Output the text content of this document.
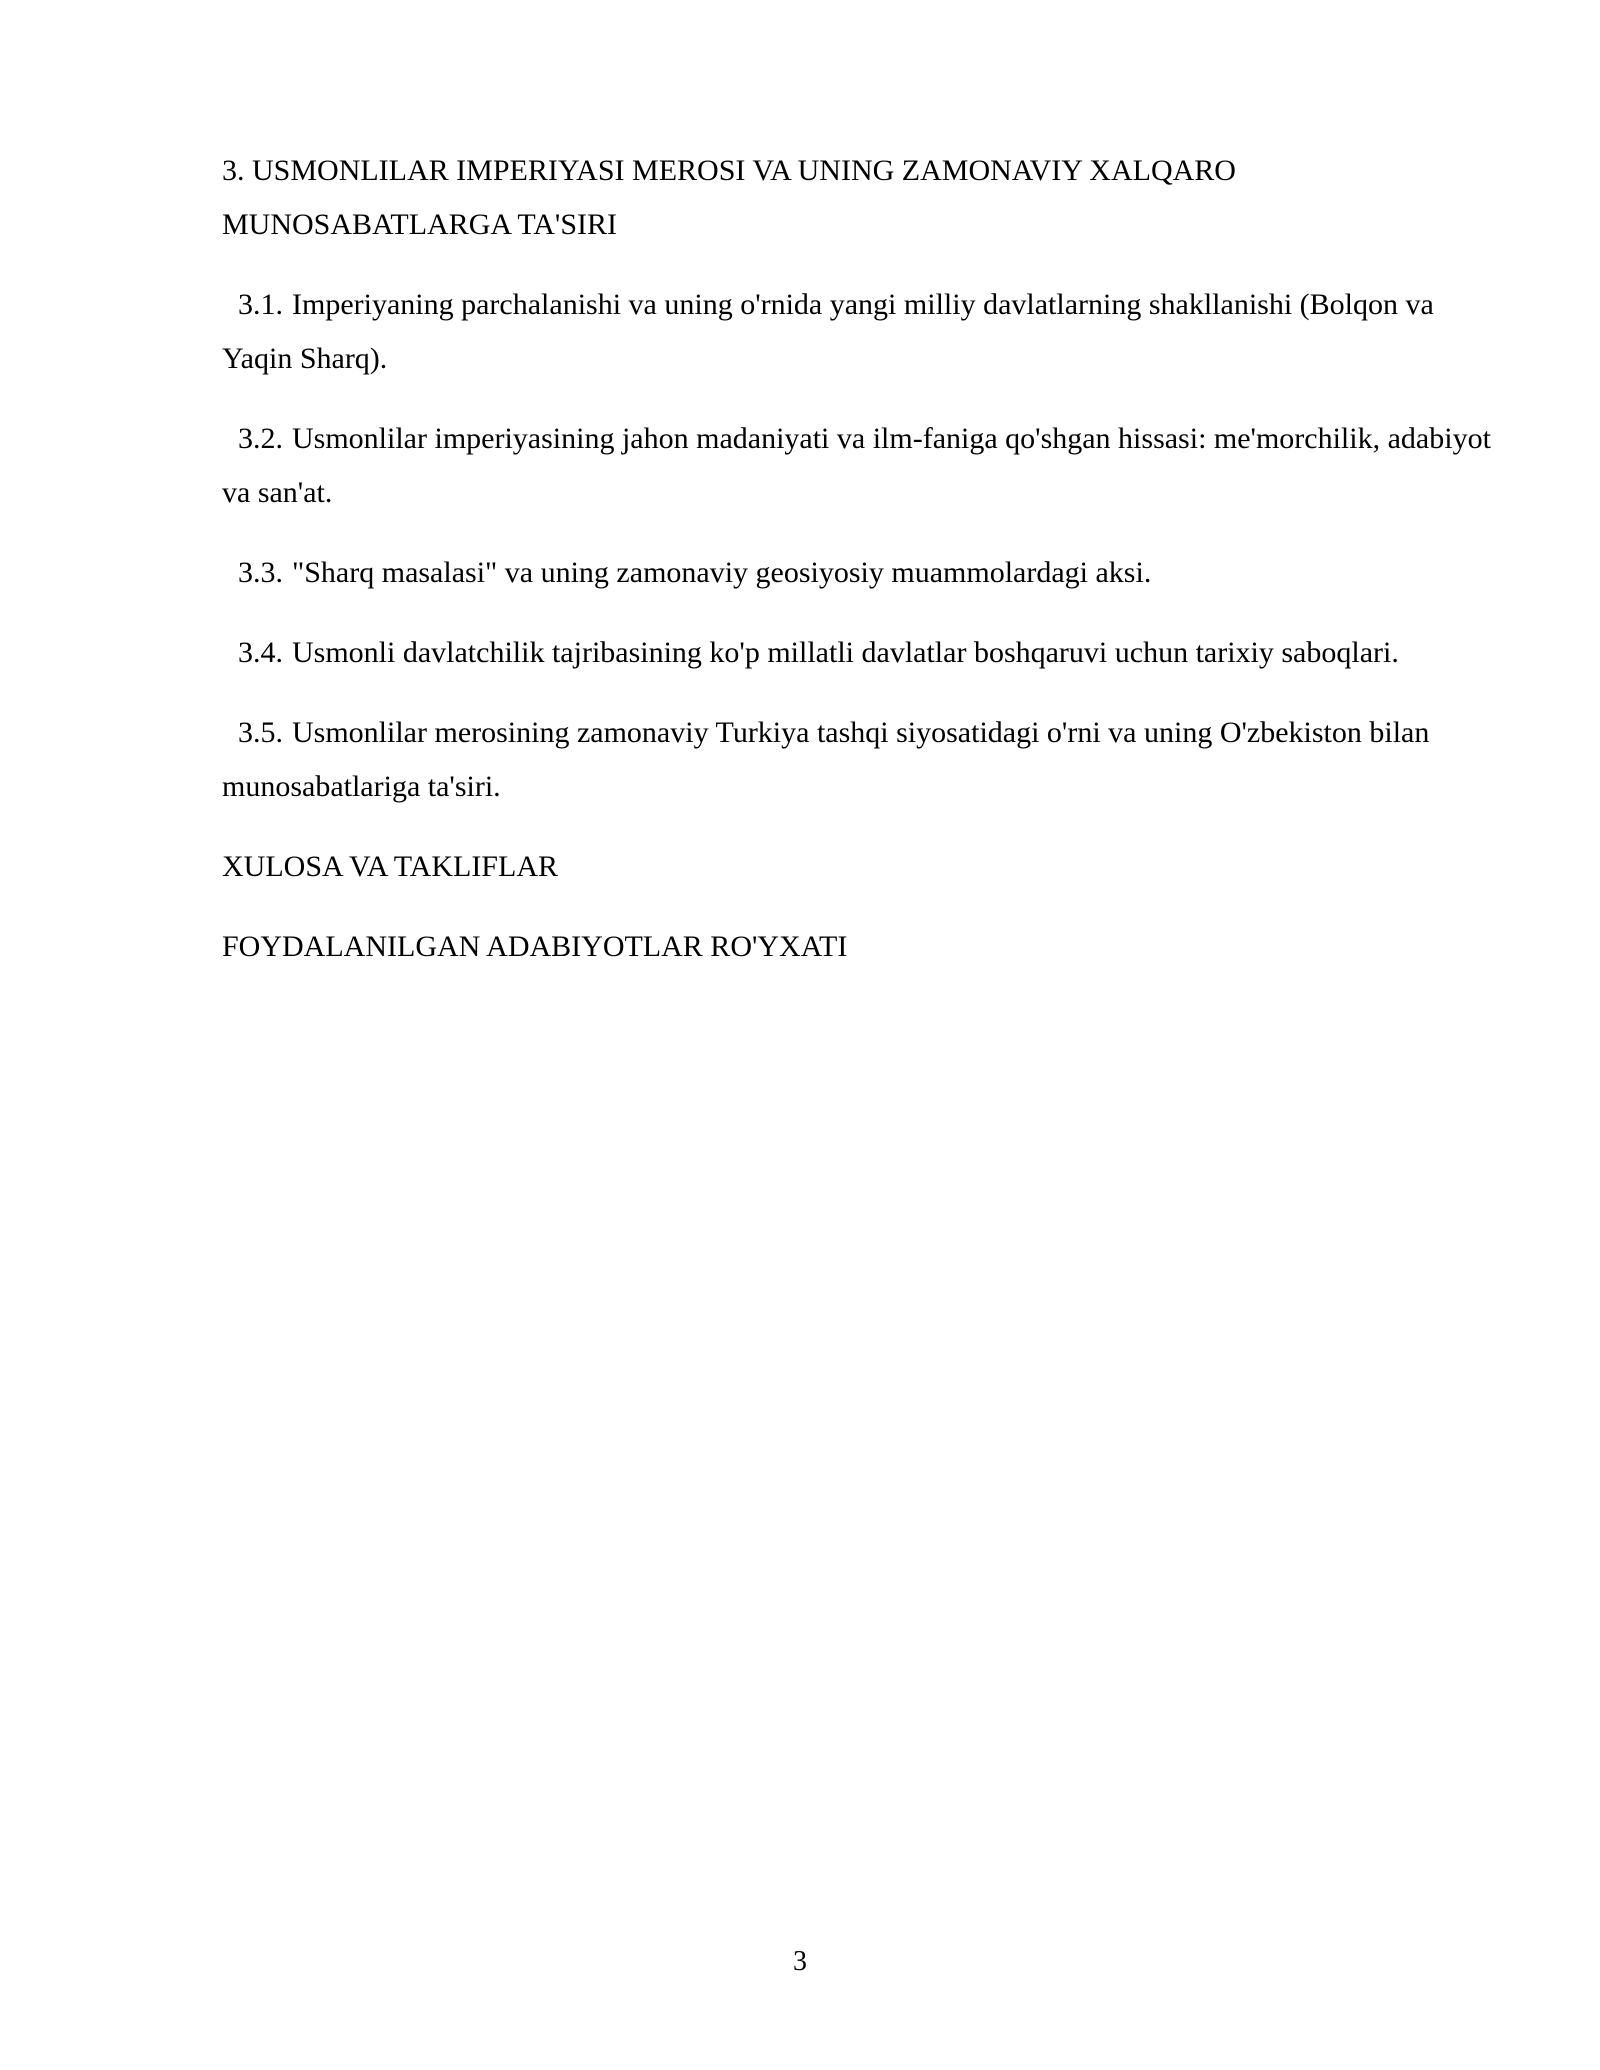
3. USMONLILAR IMPERIYASI MEROSI VA UNING ZAMONAVIY XALQARO MUNOSABATLARGA TA'SIRI

3.1. Imperiyaning parchalanishi va uning o'rnida yangi milliy davlatlarning shakllanishi (Bolqon va Yaqin Sharq).

3.2. Usmonlilar imperiyasining jahon madaniyati va ilm-faniga qo'shgan hissasi: me'morchilik, adabiyot va san'at.

3.3. "Sharq masalasi" va uning zamonaviy geosiyosiy muammolardagi aksi.

3.4. Usmonli davlatchilik tajribasining ko'p millatli davlatlar boshqaruvi uchun tarixiy saboqlari.

3.5. Usmonlilar merosining zamonaviy Turkiya tashqi siyosatidagi o'rni va uning O'zbekiston bilan munosabatlariga ta'siri.

XULOSA VA TAKLIFLAR

FOYDALANILGAN ADABIYOTLAR RO'YXATI

3
